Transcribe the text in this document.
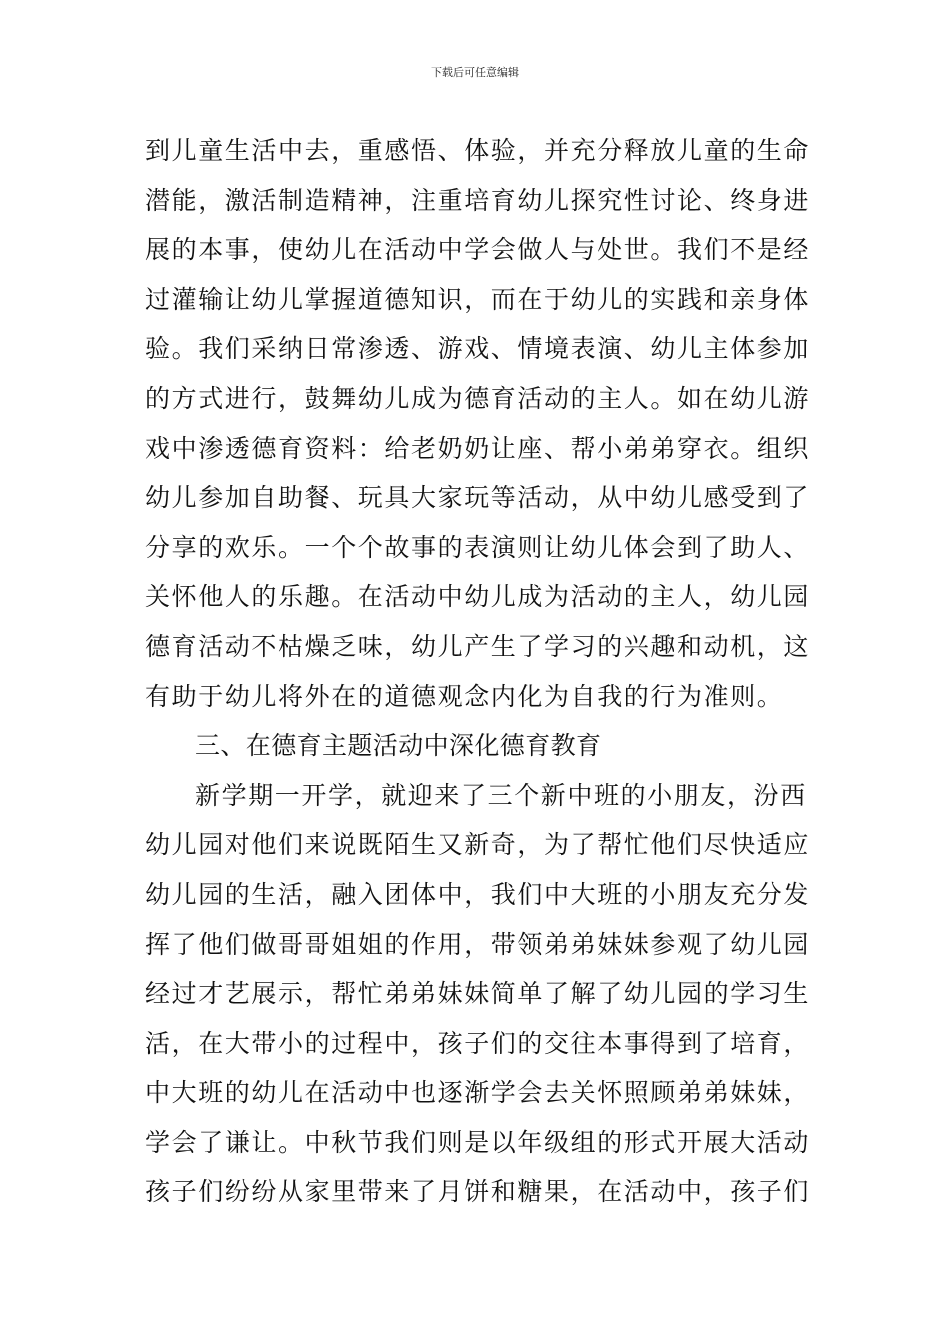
下载后可任意编辑
到儿童生活中去，重感悟、体验，并充分释放儿童的生命
潜能，激活制造精神，注重培育幼儿探究性讨论、终身进
展的本事，使幼儿在活动中学会做人与处世。我们不是经
过灌输让幼儿掌握道德知识，而在于幼儿的实践和亲身体
验。我们采纳日常渗透、游戏、情境表演、幼儿主体参加
的方式进行，鼓舞幼儿成为德育活动的主人。如在幼儿游
戏中渗透德育资料：给老奶奶让座、帮小弟弟穿衣。组织
幼儿参加自助餐、玩具大家玩等活动，从中幼儿感受到了
分享的欢乐。一个个故事的表演则让幼儿体会到了助人、
关怀他人的乐趣。在活动中幼儿成为活动的主人，幼儿园
德育活动不枯燥乏味，幼儿产生了学习的兴趣和动机，这
有助于幼儿将外在的道德观念内化为自我的行为准则。
三、在德育主题活动中深化德育教育
新学期一开学，就迎来了三个新中班的小朋友，汾西
幼儿园对他们来说既陌生又新奇，为了帮忙他们尽快适应
幼儿园的生活，融入团体中，我们中大班的小朋友充分发
挥了他们做哥哥姐姐的作用，带领弟弟妹妹参观了幼儿园
经过才艺展示，帮忙弟弟妹妹简单了解了幼儿园的学习生
活，在大带小的过程中，孩子们的交往本事得到了培育，
中大班的幼儿在活动中也逐渐学会去关怀照顾弟弟妹妹，
学会了谦让。中秋节我们则是以年级组的形式开展大活动
孩子们纷纷从家里带来了月饼和糖果，在活动中，孩子们
